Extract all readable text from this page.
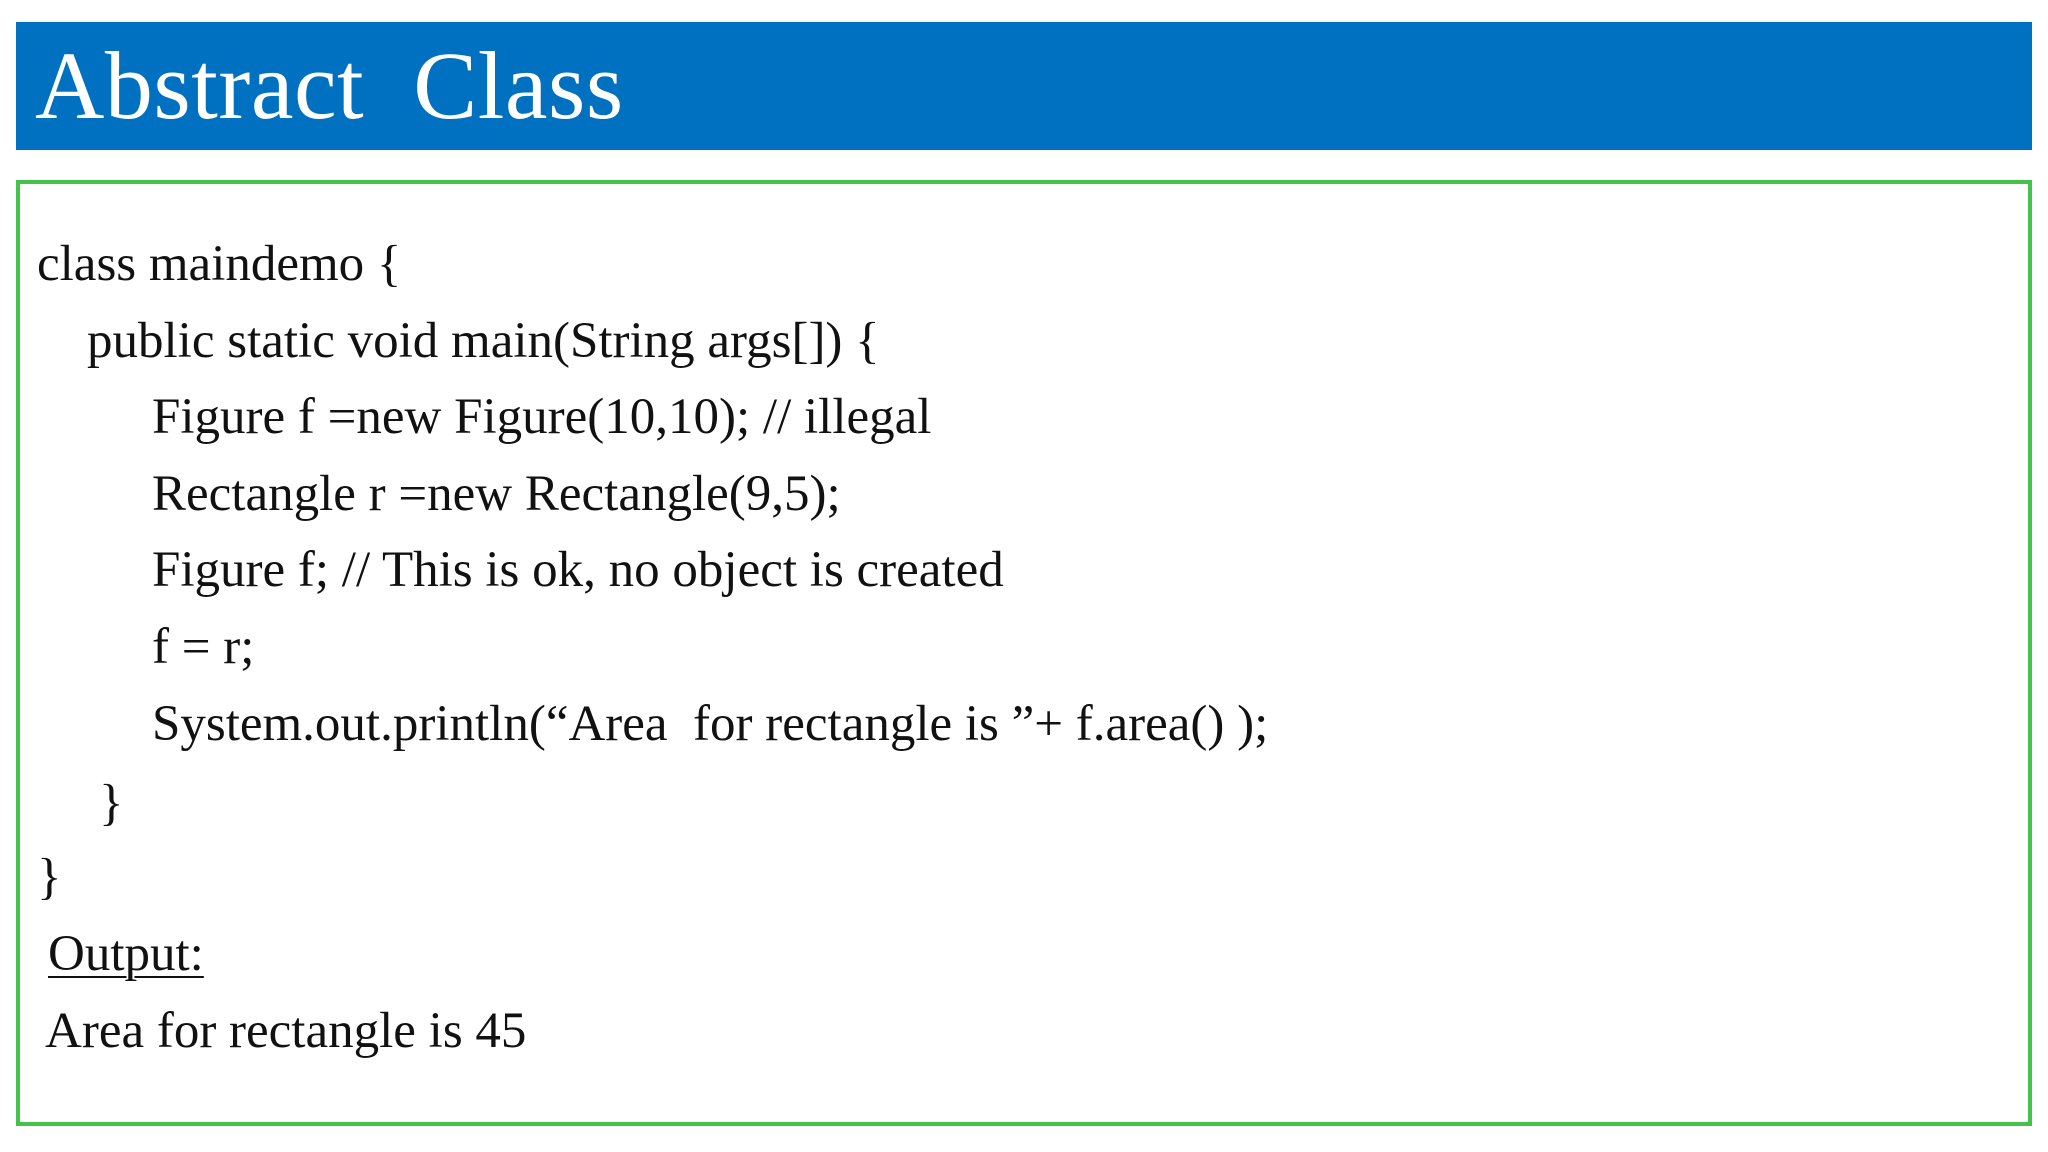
Abstract  Class
class maindemo {
public static void main(String args[]) {
Figure f =new Figure(10,10); // illegal
Rectangle r =new Rectangle(9,5);
Figure f; // This is ok, no object is created
f = r;
System.out.println(“Area  for rectangle is ”+ f.area() );
}
}
Output:
Area for rectangle is 45
